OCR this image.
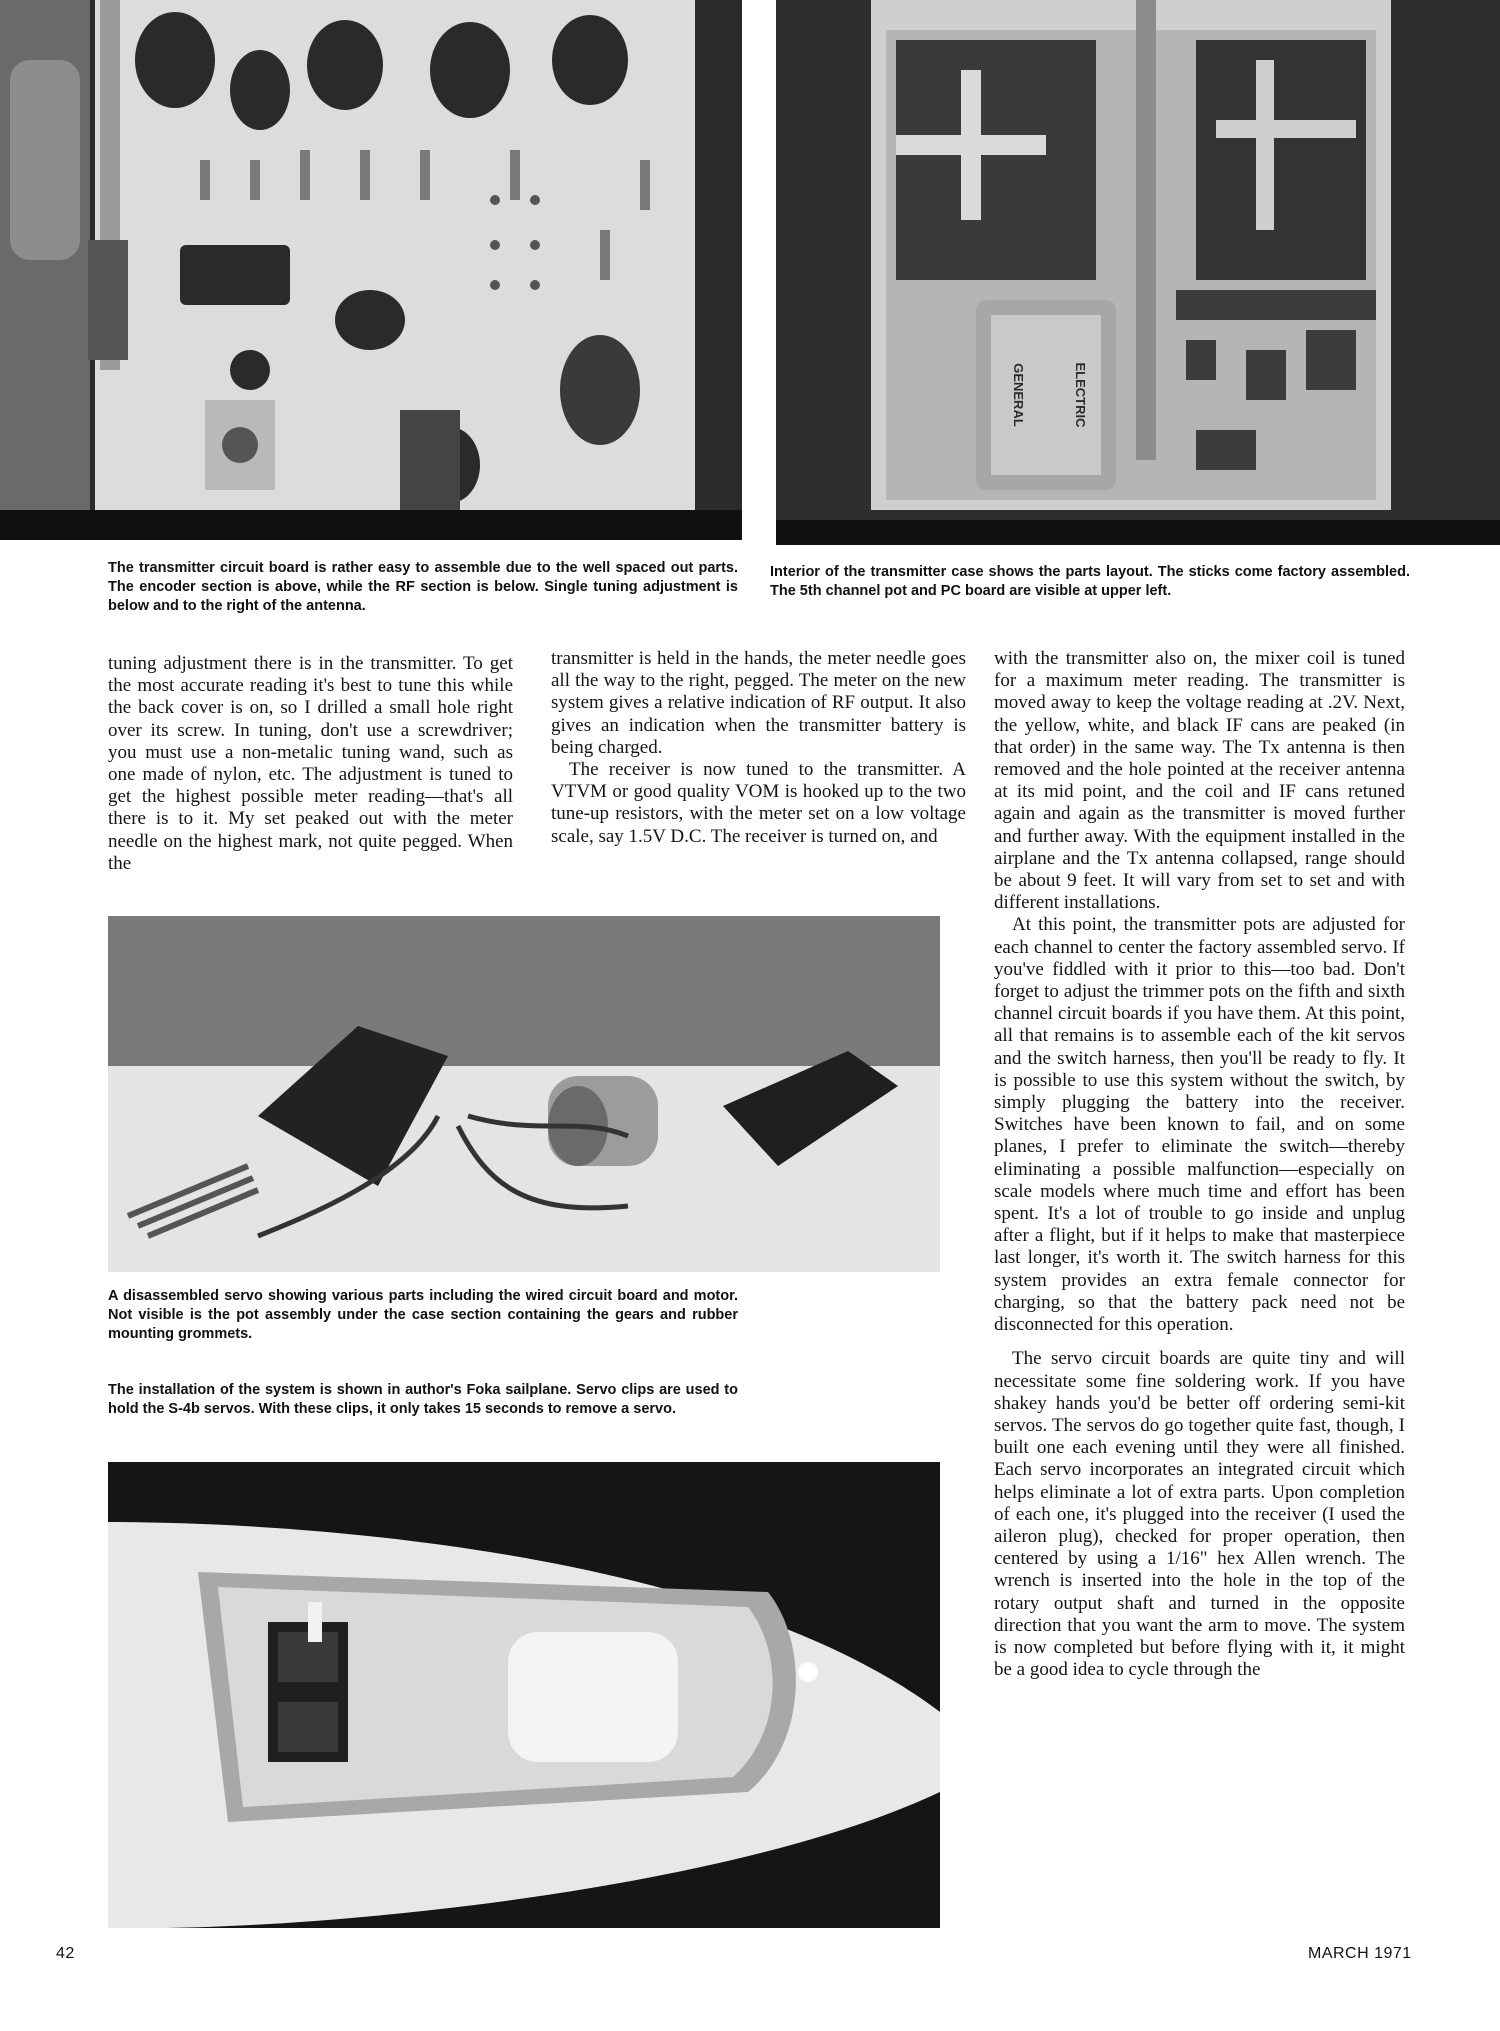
GENERAL	ELECTRIC

The transmitter circuit board is rather easy to assemble due to the well spaced out parts. The encoder section is above, while the RF section is below. Single tuning adjustment is below and to the right of the antenna.

Interior of the transmitter case shows the parts layout. The sticks come factory assembled. The 5th channel pot and PC board are visible at upper left.

tuning adjustment there is in the transmitter. To get the most accurate reading it's best to tune this while the back cover is on, so I drilled a small hole right over its screw. In tuning, don't use a screwdriver; you must use a non-metalic tuning wand, such as one made of nylon, etc. The adjustment is tuned to get the highest possible meter reading—that's all there is to it. My set peaked out with the meter needle on the highest mark, not quite pegged. When the

transmitter is held in the hands, the meter needle goes all the way to the right, pegged. The meter on the new system gives a relative indication of RF output. It also gives an indication when the transmitter battery is being charged.

The receiver is now tuned to the transmitter. A VTVM or good quality VOM is hooked up to the two tune-up resistors, with the meter set on a low voltage scale, say 1.5V D.C. The receiver is turned on, and

with the transmitter also on, the mixer coil is tuned for a maximum meter reading. The transmitter is moved away to keep the voltage reading at .2V. Next, the yellow, white, and black IF cans are peaked (in that order) in the same way. The Tx antenna is then removed and the hole pointed at the receiver antenna at its mid point, and the coil and IF cans retuned again and again as the transmitter is moved further and further away. With the equipment installed in the airplane and the Tx antenna collapsed, range should be about 9 feet. It will vary from set to set and with different installations.

At this point, the transmitter pots are adjusted for each channel to center the factory assembled servo. If you've fiddled with it prior to this—too bad. Don't forget to adjust the trimmer pots on the fifth and sixth channel circuit boards if you have them. At this point, all that remains is to assemble each of the kit servos and the switch harness, then you'll be ready to fly. It is possible to use this system without the switch, by simply plugging the battery into the receiver. Switches have been known to fail, and on some planes, I prefer to eliminate the switch—thereby eliminating a possible malfunction—especially on scale models where much time and effort has been spent. It's a lot of trouble to go inside and unplug after a flight, but if it helps to make that masterpiece last longer, it's worth it. The switch harness for this system provides an extra female connector for charging, so that the battery pack need not be disconnected for this operation.

The servo circuit boards are quite tiny and will necessitate some fine soldering work. If you have shakey hands you'd be better off ordering semi-kit servos. The servos do go together quite fast, though, I built one each evening until they were all finished. Each servo incorporates an integrated circuit which helps eliminate a lot of extra parts. Upon completion of each one, it's plugged into the receiver (I used the aileron plug), checked for proper operation, then centered by using a 1/16" hex Allen wrench. The wrench is inserted into the hole in the top of the rotary output shaft and turned in the opposite direction that you want the arm to move. The system is now completed but before flying with it, it might be a good idea to cycle through the

A disassembled servo showing various parts including the wired circuit board and motor. Not visible is the pot assembly under the case section containing the gears and rubber mounting grommets.

The installation of the system is shown in author's Foka sailplane. Servo clips are used to hold the S-4b servos. With these clips, it only takes 15 seconds to remove a servo.

42	MARCH 1971
